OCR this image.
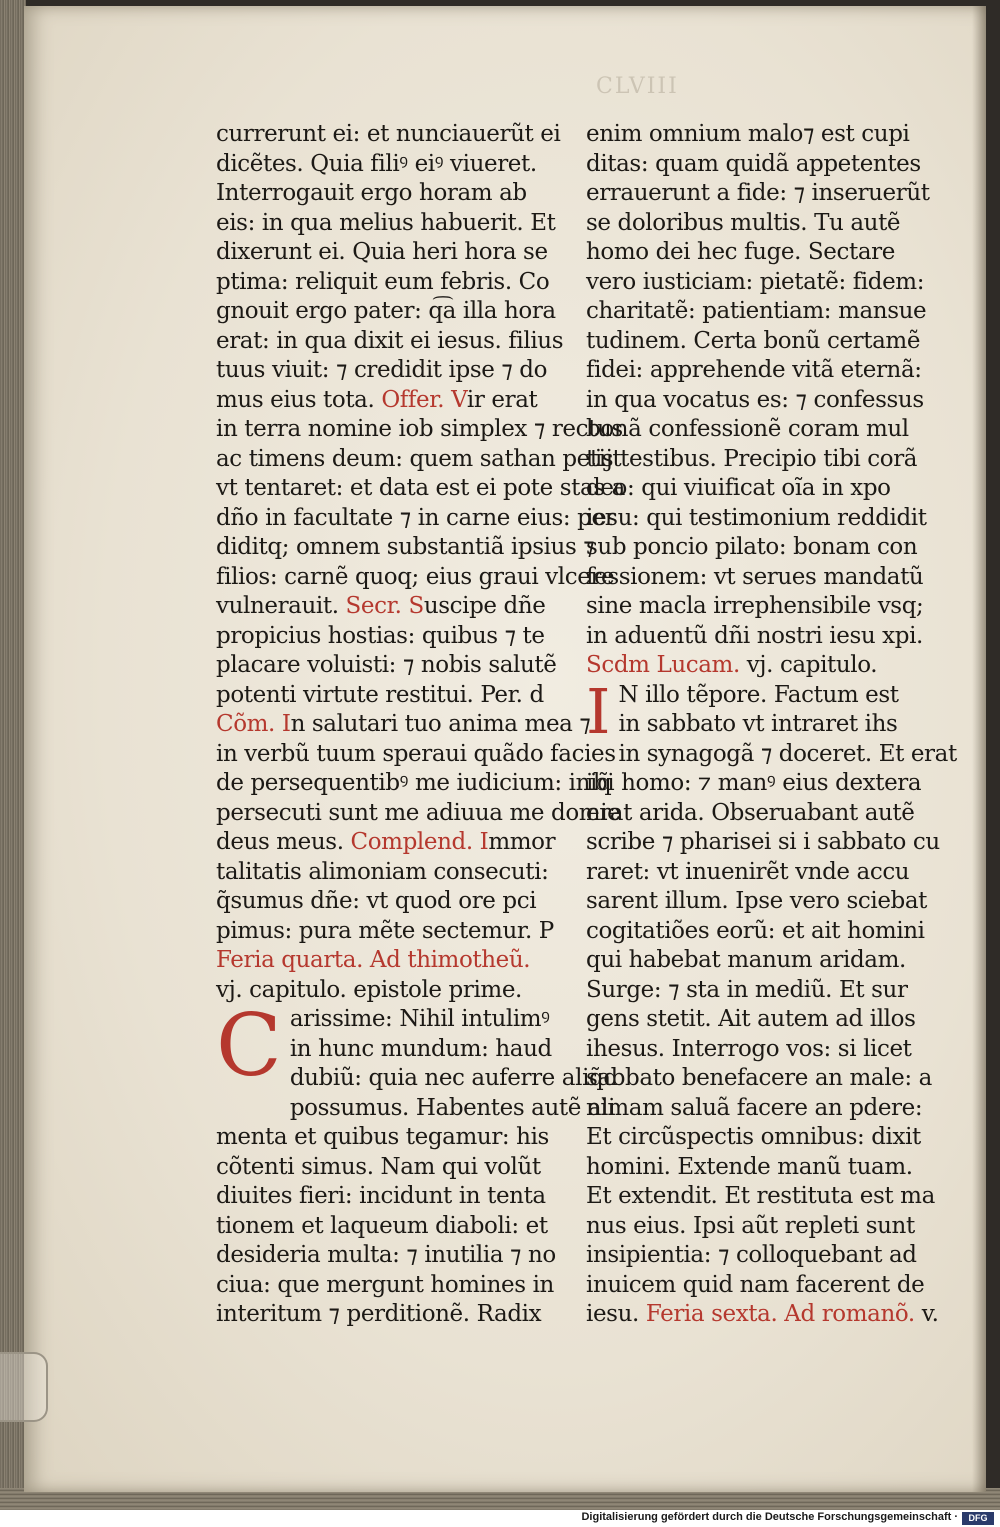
CLVIII
currerunt ei: et nunciauerũt ei
dicẽtes. Quia filiꝰ eiꝰ viueret.
Interrogauit ergo horam ab
eis: in qua melius habuerit. Et
dixerunt ei. Quia heri hora se
ptima: reliquit eum febris. Co
gnouit ergo pater: q͡a illa hora
erat: in qua dixit ei iesus. filius
tuus viuit: ⁊ credidit ipse ⁊ do
mus eius tota. Offer. Vir erat
in terra nomine iob simplex ⁊ rectus
ac timens deum: quem sathan petijt
vt tentaret: et data est ei pote stas a
dño in facultate ⁊ in carne eius: per
diditq; omnem substantiã ipsius ⁊
filios: carnẽ quoq; eius graui vlcere
vulnerauit. Secr. Suscipe dñe
propicius hostias: quibus ⁊ te
placare voluisti: ⁊ nobis salutẽ
potenti virtute restitui. Per. d
Cõm. In salutari tuo anima mea ⁊
in verbũ tuum speraui quãdo facies
de persequentibꝰ me iudicium: iniq̃
persecuti sunt me adiuua me domie
deus meus. Complend. Immor
talitatis alimoniam consecuti:
q̃sumus dñe: vt quod ore pci
pimus: pura mẽte sectemur. P
Feria quarta. Ad thimotheũ.
vj. capitulo. epistole prime.
C arissime: Nihil intulimꝰ
in hunc mundum: haud
dubiũ: quia nec auferre aliq̃d
possumus. Habentes autẽ ali
menta et quibus tegamur: his
cõtenti simus. Nam qui volũt
diuites fieri: incidunt in tenta
tionem et laqueum diaboli: et
desideria multa: ⁊ inutilia ⁊ no
ciua: que mergunt homines in
interitum ⁊ perditionẽ. Radix
enim omnium malo⁊ est cupi
ditas: quam quidã appetentes
errauerunt a fide: ⁊ inseruerũt
se doloribus multis. Tu autẽ
homo dei hec fuge. Sectare
vero iusticiam: pietatẽ: fidem:
charitatẽ: patientiam: mansue
tudinem. Certa bonũ certamẽ
fidei: apprehende vitã eternã:
in qua vocatus es: ⁊ confessus
bonã confessionẽ coram mul
tis testibus. Precipio tibi corã
deo: qui viuificat oĩa in xpo
iesu: qui testimonium reddidit
sub poncio pilato: bonam con
fessionem: vt serues mandatũ
sine macla irrephensibile vsq;
in aduentũ dñi nostri iesu xpi.
Scdm Lucam. vj. capitulo.
I N illo tẽpore. Factum est
in sabbato vt intraret ihs
in synagogã ⁊ doceret. Et erat
ibi homo: ⁊ manꝰ eius dextera
erat arida. Obseruabant autẽ
scribe ⁊ pharisei si i sabbato cu
raret: vt inuenirẽt vnde accu
sarent illum. Ipse vero sciebat
cogitatiões eorũ: et ait homini
qui habebat manum aridam.
Surge: ⁊ sta in mediũ. Et sur
gens stetit. Ait autem ad illos
ihesus. Interrogo vos: si licet
sabbato benefacere an male: a
nimam saluã facere an pdere:
Et circũspectis omnibus: dixit
homini. Extende manũ tuam.
Et extendit. Et restituta est ma
nus eius. Ipsi aũt repleti sunt
insipientia: ⁊ colloquebant ad
inuicem quid nam facerent de
iesu. Feria sexta. Ad romanõ. v.
Digitalisierung gefördert durch die Deutsche Forschungsgemeinschaft ·	DFG
